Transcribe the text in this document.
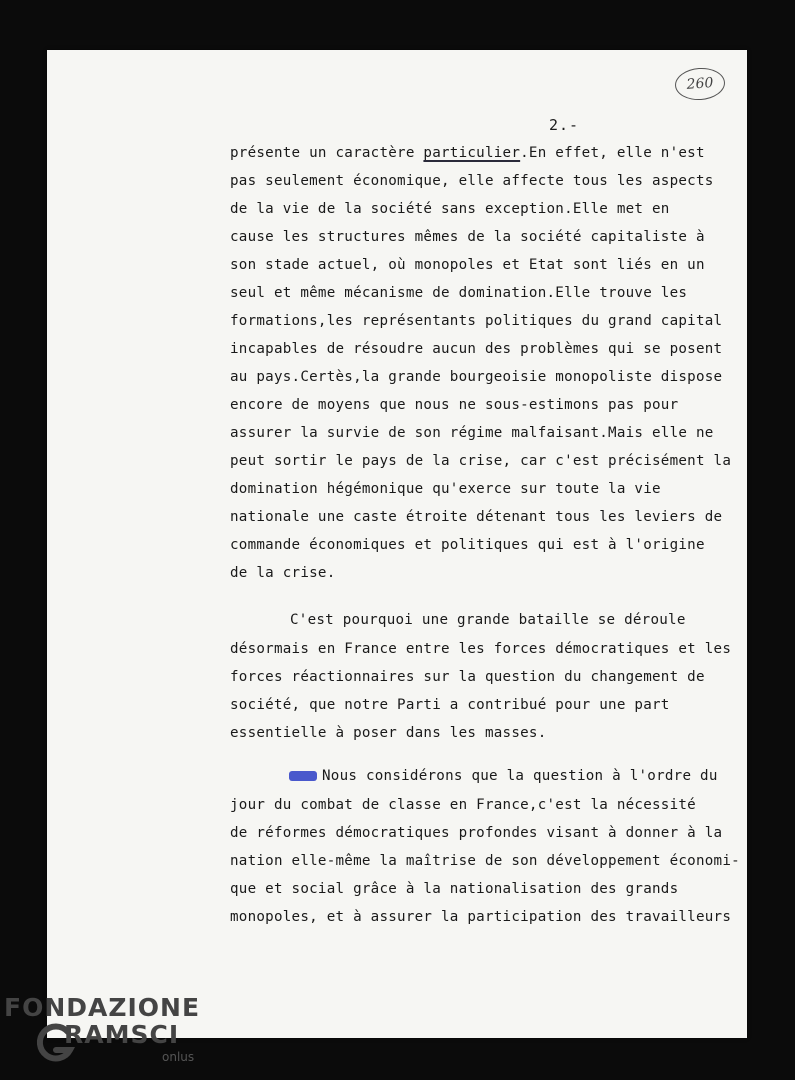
260
2.-
présente un caractère particulier.En effet, elle n'est
pas seulement économique, elle affecte tous les aspects
de la vie de la société sans exception.Elle met en
cause les structures mêmes de la société capitaliste à
son stade actuel, où monopoles et Etat sont liés en un
seul et même mécanisme de domination.Elle trouve les
formations,les représentants politiques du grand capital
incapables de résoudre aucun des problèmes qui se posent
au pays.Certès,la grande bourgeoisie monopoliste dispose
encore de moyens que nous ne sous-estimons pas pour
assurer la survie de son régime malfaisant.Mais elle ne
peut sortir le pays de la crise, car c'est précisément la
domination hégémonique qu'exerce sur toute la vie
nationale une caste étroite détenant tous les leviers de
commande économiques et politiques qui est à l'origine
de la crise.
C'est pourquoi une grande bataille se déroule
désormais en France entre les forces démocratiques et les
forces réactionnaires sur la question du changement de
société, que notre Parti a contribué pour une part
essentielle à poser dans les masses.
Nous considérons que la question à l'ordre du
jour du combat de classe en France,c'est la nécessité
de réformes démocratiques profondes visant à donner à la
nation elle-même la maîtrise de son développement économi-
que et social grâce à la nationalisation des grands
monopoles, et à assurer la participation des travailleurs
FONDAZIONE
RAMSCI
onlus
